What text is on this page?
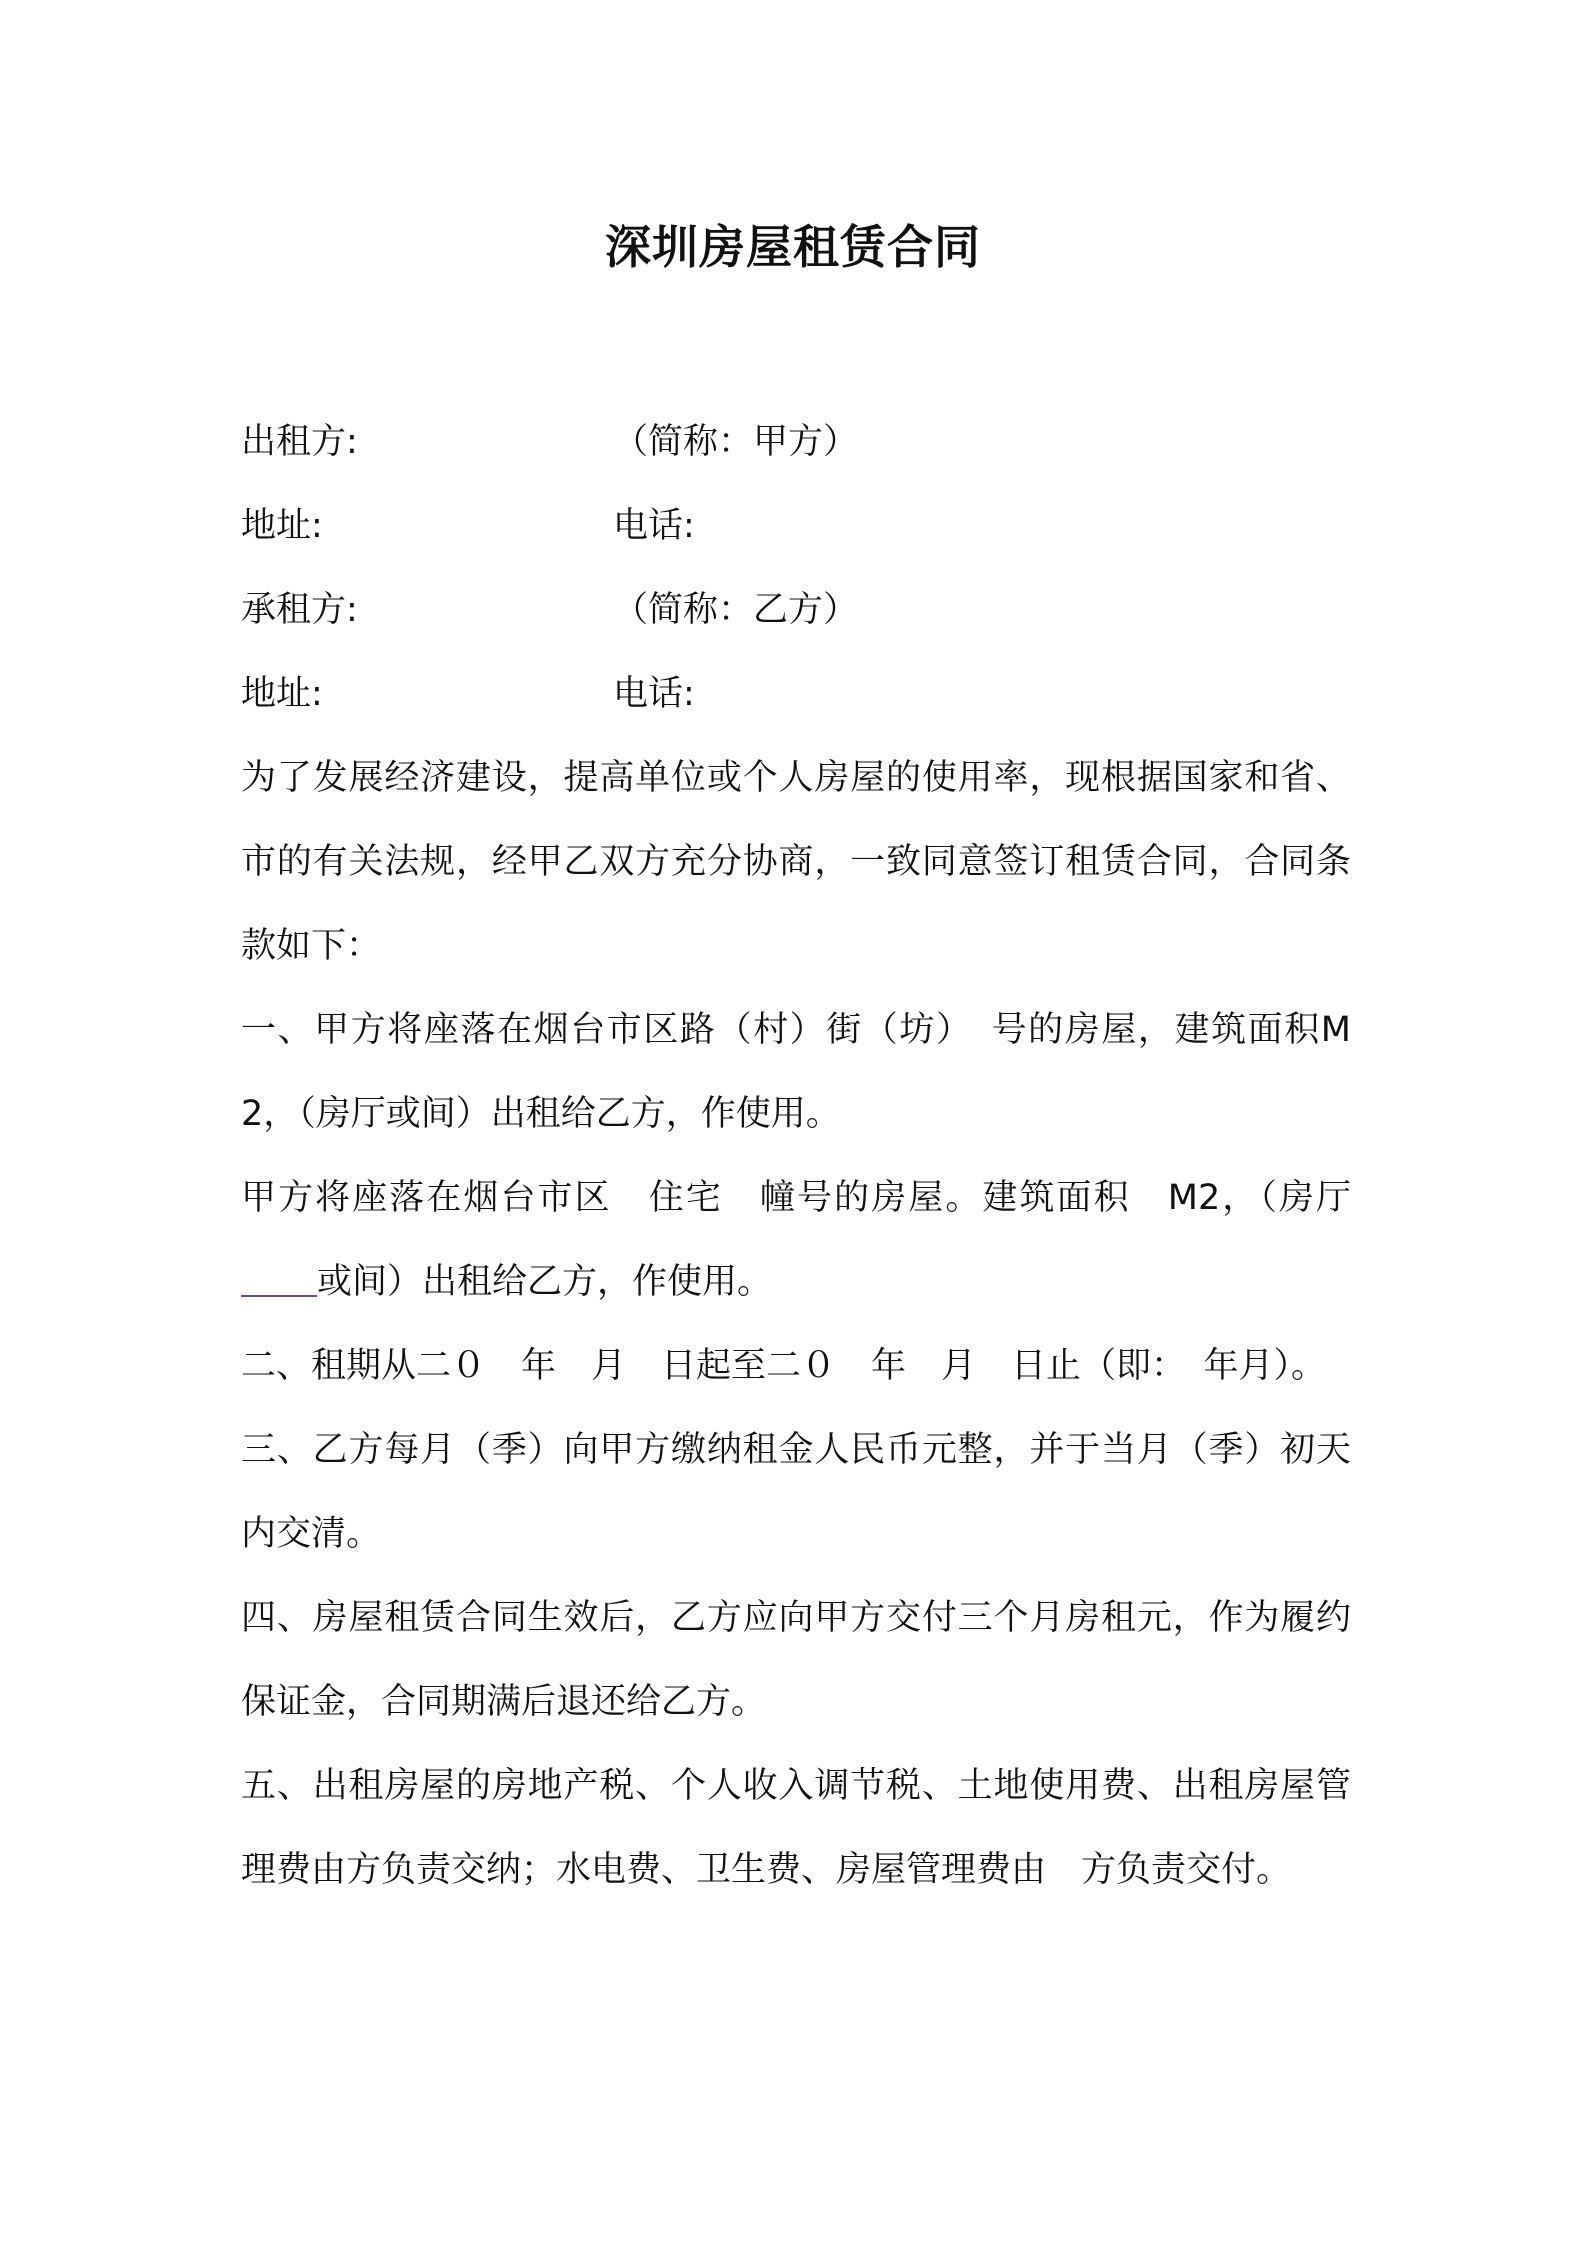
深圳房屋租赁合同
出租方:	（简称：甲方）
地址:	电话:
承租方:	（简称：乙方）
地址:	电话:

为了发展经济建设，提高单位或个人房屋的使用率，现根据国家和省、市的有关法规，经甲乙双方充分协商，一致同意签订租赁合同，合同条款如下：

一、甲方将座落在烟台市区路（村）街（坊）　号的房屋，建筑面积M2，（房厅或间）出租给乙方，作使用。

甲方将座落在烟台市区　住宅　幢号的房屋。建筑面积　M2，（房厅或间）出租给乙方，作使用。

二、租期从二０　年　月　日起至二０　年　月　日止（即：　年月）。

三、乙方每月（季）向甲方缴纳租金人民币元整，并于当月（季）初天内交清。

四、房屋租赁合同生效后，乙方应向甲方交付三个月房租元，作为履约保证金，合同期满后退还给乙方。

五、出租房屋的房地产税、个人收入调节税、土地使用费、出租房屋管理费由方负责交纳；水电费、卫生费、房屋管理费由　方负责交付。
